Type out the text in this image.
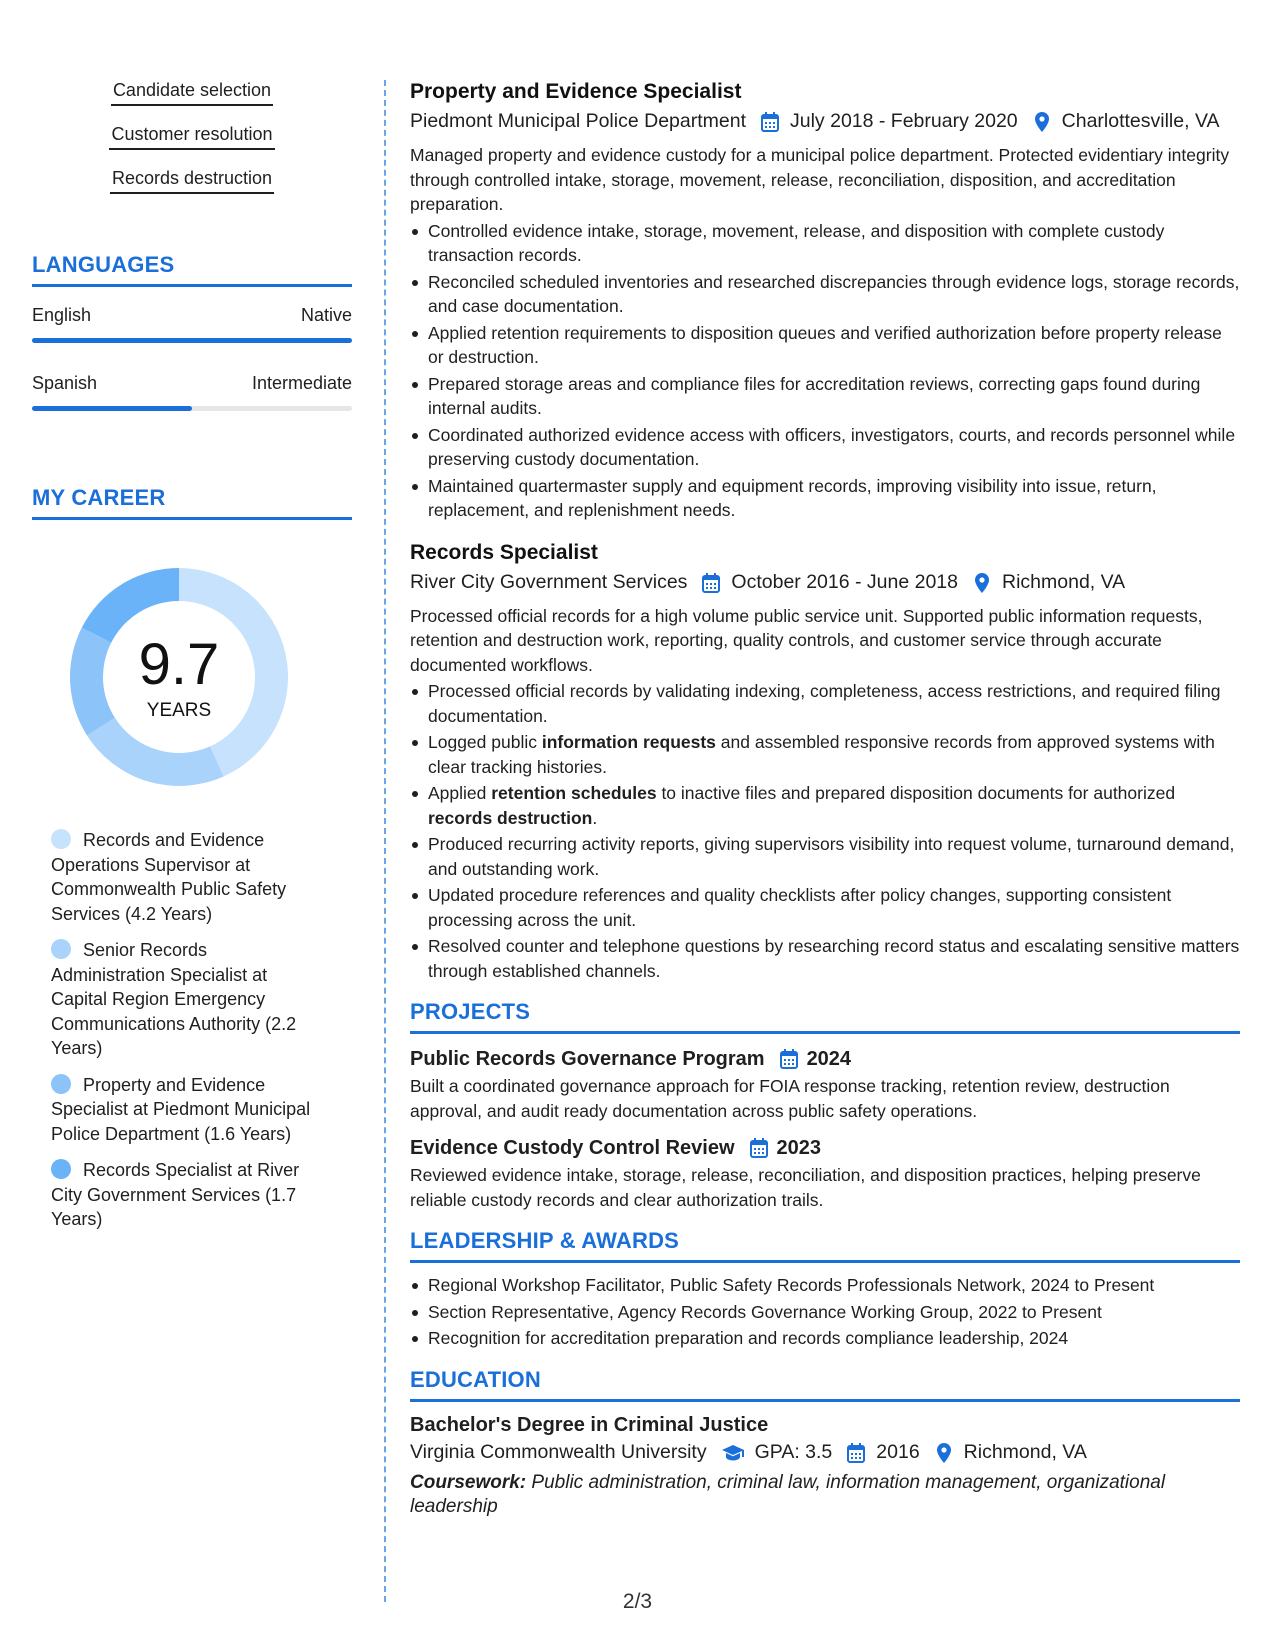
Candidate selection
Customer resolution
Records destruction
LANGUAGES
English	Native
Spanish	Intermediate
MY CAREER
9.7
YEARS
Records and Evidence Operations Supervisor at Commonwealth Public Safety Services (4.2 Years)
Senior Records Administration Specialist at Capital Region Emergency Communications Authority (2.2 Years)
Property and Evidence Specialist at Piedmont Municipal Police Department (1.6 Years)
Records Specialist at River City Government Services (1.7 Years)
Property and Evidence Specialist
Piedmont Municipal Police Department July 2018 - February 2020 Charlottesville, VA
Managed property and evidence custody for a municipal police department. Protected evidentiary integrity through controlled intake, storage, movement, release, reconciliation, disposition, and accreditation preparation.
Controlled evidence intake, storage, movement, release, and disposition with complete custody transaction records.
Reconciled scheduled inventories and researched discrepancies through evidence logs, storage records, and case documentation.
Applied retention requirements to disposition queues and verified authorization before property release or destruction.
Prepared storage areas and compliance files for accreditation reviews, correcting gaps found during internal audits.
Coordinated authorized evidence access with officers, investigators, courts, and records personnel while preserving custody documentation.
Maintained quartermaster supply and equipment records, improving visibility into issue, return, replacement, and replenishment needs.
Records Specialist
River City Government Services October 2016 - June 2018 Richmond, VA
Processed official records for a high volume public service unit. Supported public information requests, retention and destruction work, reporting, quality controls, and customer service through accurate documented workflows.
Processed official records by validating indexing, completeness, access restrictions, and required filing documentation.
Logged public information requests and assembled responsive records from approved systems with clear tracking histories.
Applied retention schedules to inactive files and prepared disposition documents for authorized records destruction.
Produced recurring activity reports, giving supervisors visibility into request volume, turnaround demand, and outstanding work.
Updated procedure references and quality checklists after policy changes, supporting consistent processing across the unit.
Resolved counter and telephone questions by researching record status and escalating sensitive matters through established channels.
PROJECTS
Public Records Governance Program 2024
Built a coordinated governance approach for FOIA response tracking, retention review, destruction approval, and audit ready documentation across public safety operations.
Evidence Custody Control Review 2023
Reviewed evidence intake, storage, release, reconciliation, and disposition practices, helping preserve reliable custody records and clear authorization trails.
LEADERSHIP & AWARDS
Regional Workshop Facilitator, Public Safety Records Professionals Network, 2024 to Present
Section Representative, Agency Records Governance Working Group, 2022 to Present
Recognition for accreditation preparation and records compliance leadership, 2024
EDUCATION
Bachelor's Degree in Criminal Justice
Virginia Commonwealth University GPA: 3.5 2016 Richmond, VA
Coursework: Public administration, criminal law, information management, organizational leadership
2/3
